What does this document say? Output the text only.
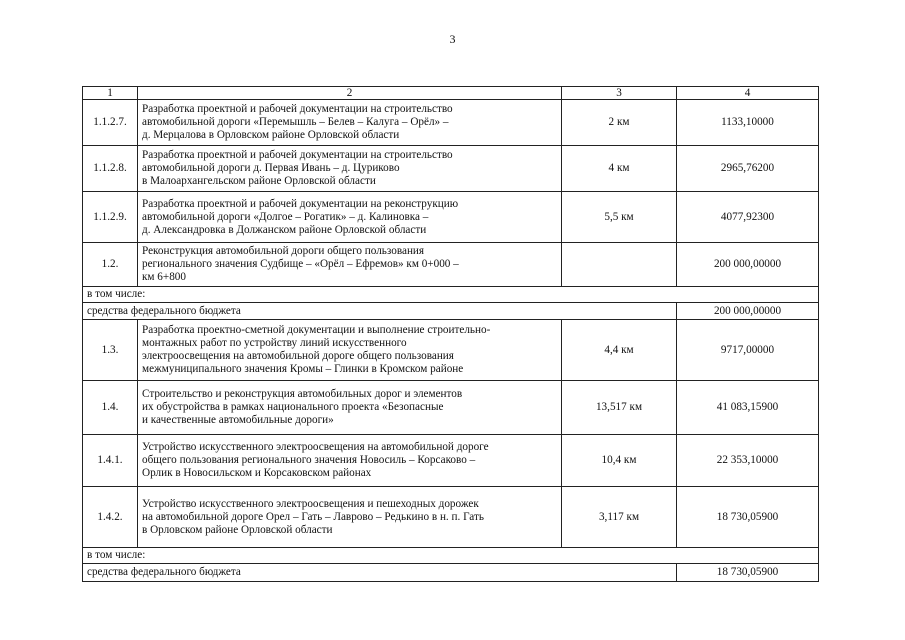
3
1	2	3	4
1.1.2.7.	Разработка проектной и рабочей документации на строительство
автомобильной дороги «Перемышль – Белев – Калуга – Орёл» –
д. Мерцалова в Орловском районе Орловской области	2 км	1133,10000
1.1.2.8.	Разработка проектной и рабочей документации на строительство
автомобильной дороги д. Первая Ивань – д. Цуриково
в Малоархангельском районе Орловской области	4 км	2965,76200
1.1.2.9.	Разработка проектной и рабочей документации на реконструкцию
автомобильной дороги «Долгое – Рогатик» – д. Калиновка –
д. Александровка в Должанском районе Орловской области	5,5 км	4077,92300
1.2.	Реконструкция автомобильной дороги общего пользования
регионального значения Судбище – «Орёл – Ефремов» км 0+000 –
км 6+800		200 000,00000
в том числе:			
средства федерального бюджета			200 000,00000
1.3.	Разработка проектно-сметной документации и выполнение строительно-
монтажных работ по устройству линий искусственного
электроосвещения на автомобильной дороге общего пользования
межмуниципального значения Кромы – Глинки в Кромском районе	4,4 км	9717,00000
1.4.	Строительство и реконструкция автомобильных дорог и элементов
их обустройства в рамках национального проекта «Безопасные
и качественные автомобильные дороги»	13,517 км	41 083,15900
1.4.1.	Устройство искусственного электроосвещения на автомобильной дороге
общего пользования регионального значения Новосиль – Корсаково –
Орлик в Новосильском и Корсаковском районах	10,4 км	22 353,10000
1.4.2.	Устройство искусственного электроосвещения и пешеходных дорожек
на автомобильной дороге Орел – Гать – Лаврово – Редькино в н. п. Гать
в Орловском районе Орловской области	3,117 км	18 730,05900
в том числе:			
средства федерального бюджета			18 730,05900
